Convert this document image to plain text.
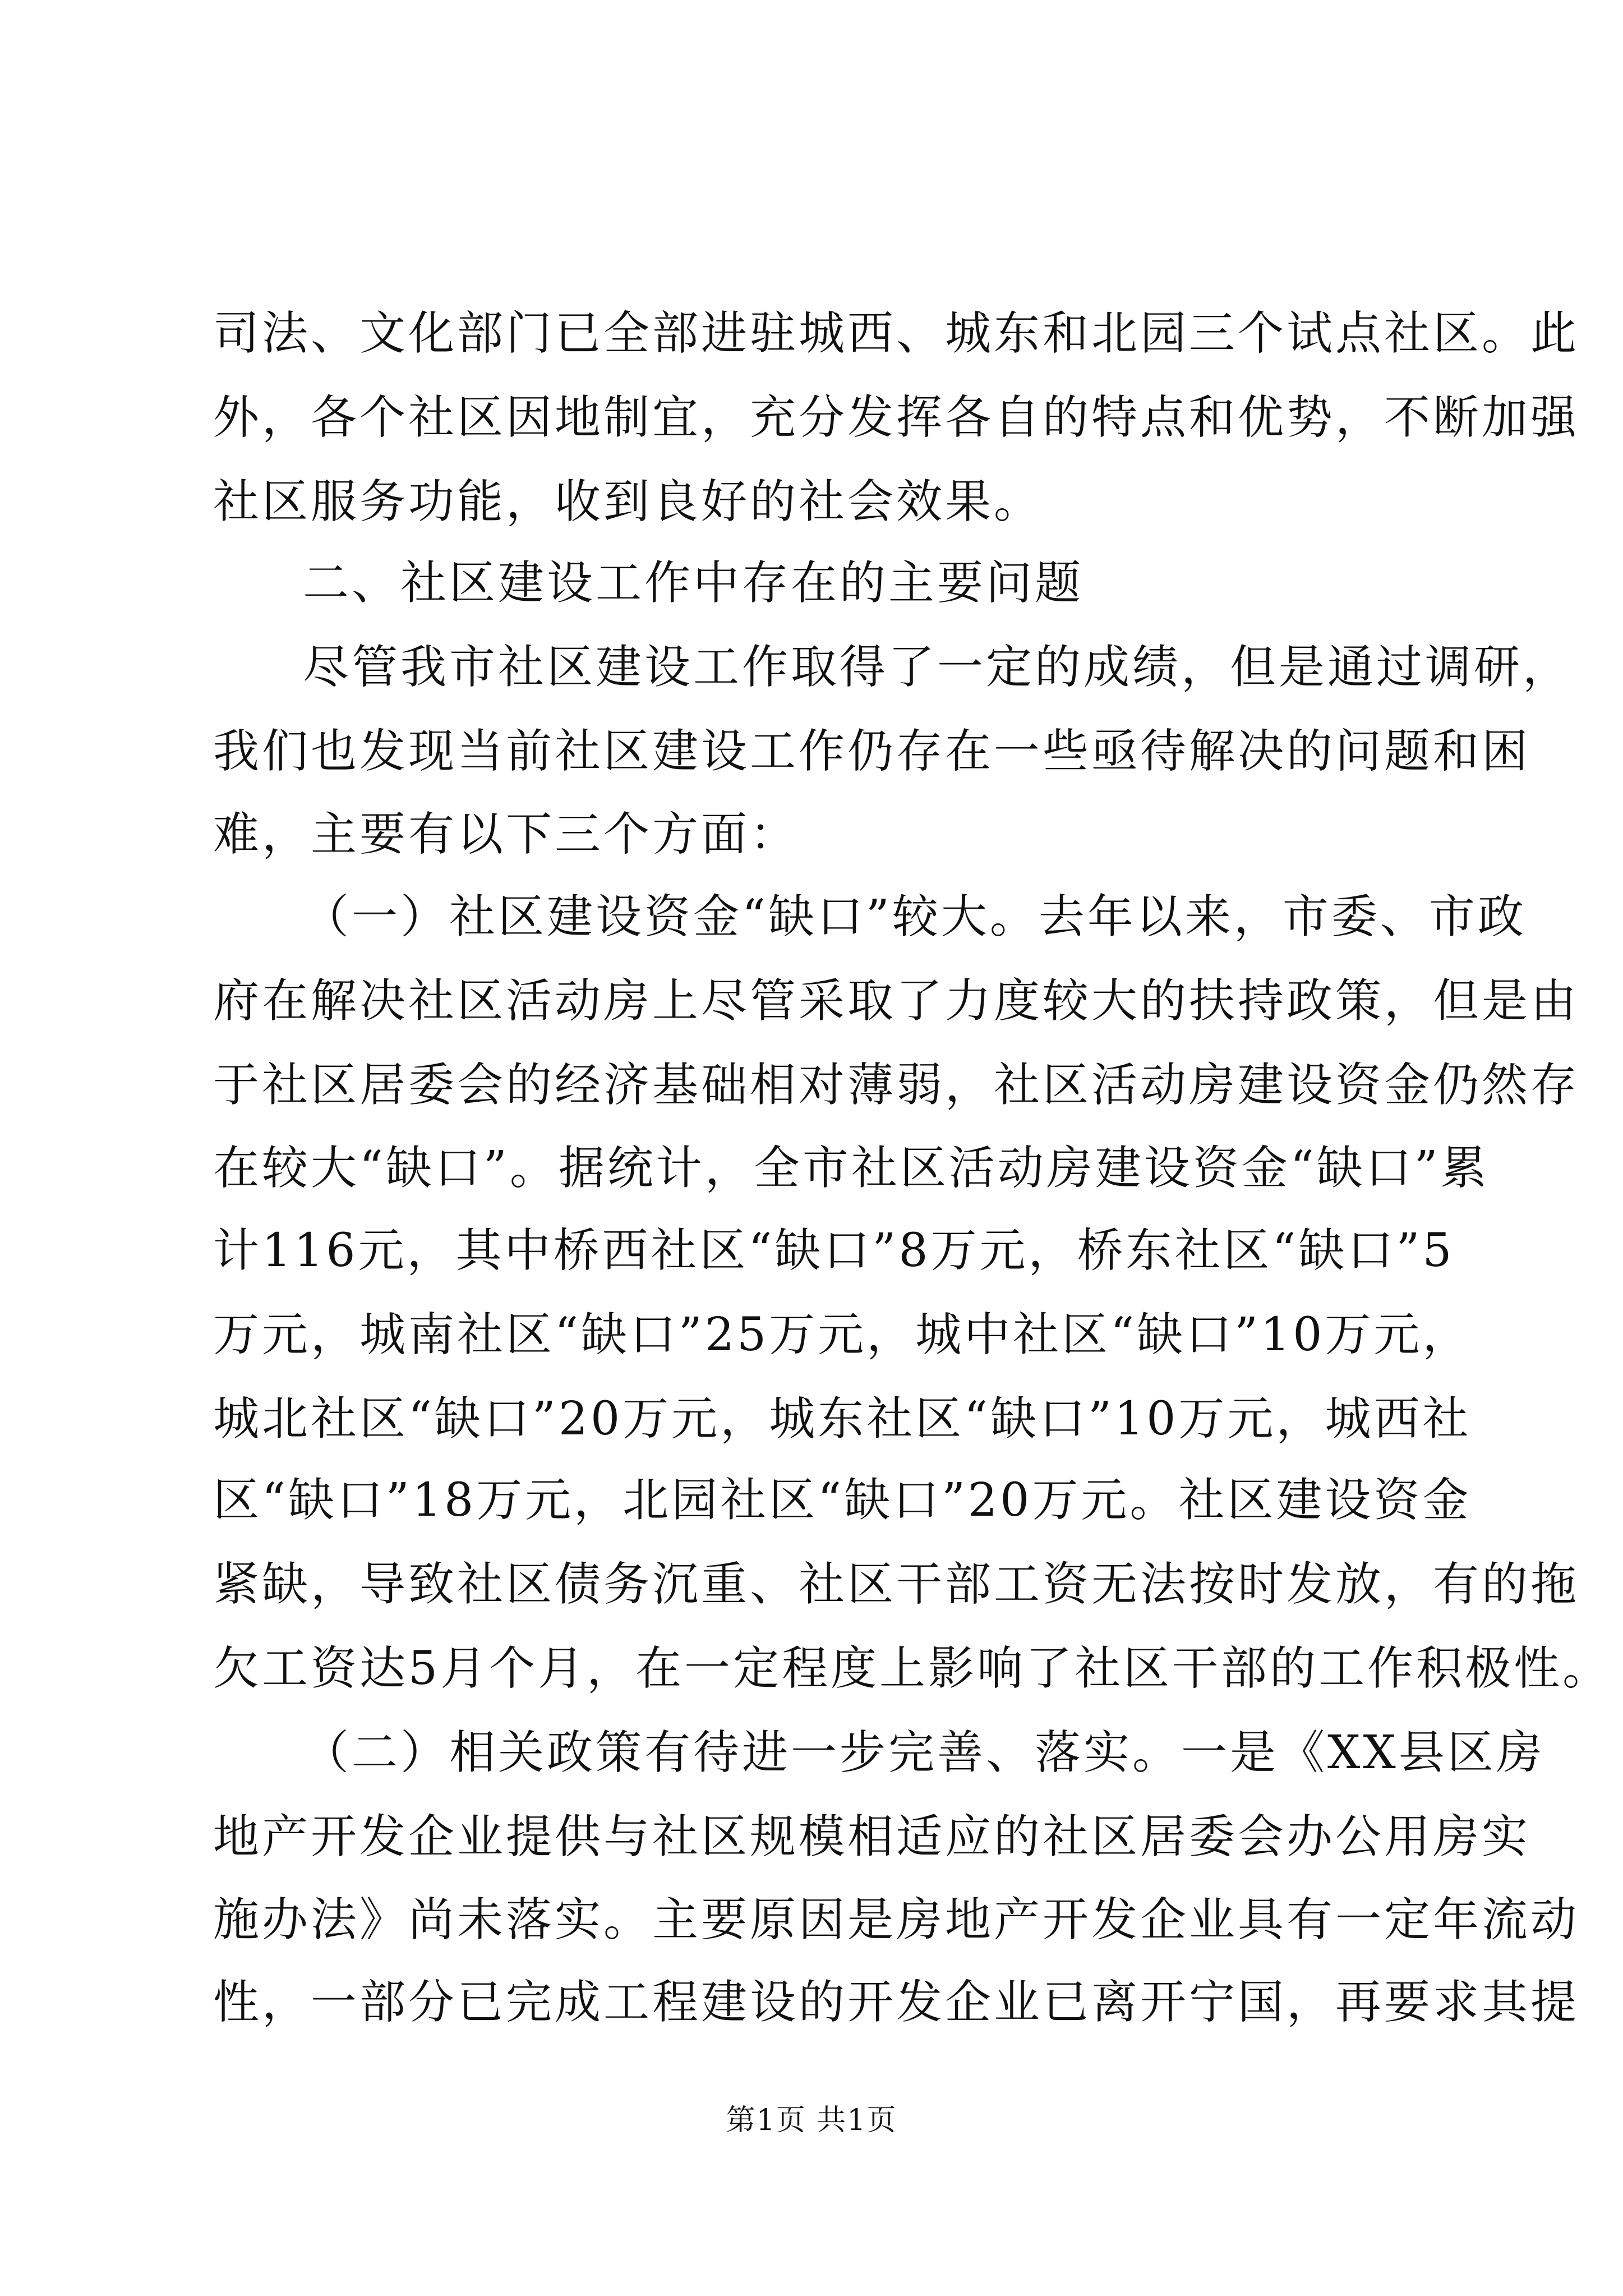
司法、文化部门已全部进驻城西、城东和北园三个试点社区。此
外，各个社区因地制宜，充分发挥各自的特点和优势，不断加强
社区服务功能，收到良好的社会效果。
二、社区建设工作中存在的主要问题
尽管我市社区建设工作取得了一定的成绩，但是通过调研，
我们也发现当前社区建设工作仍存在一些亟待解决的问题和困
难，主要有以下三个方面：
（一）社区建设资金“缺口”较大。去年以来，市委、市政
府在解决社区活动房上尽管采取了力度较大的扶持政策，但是由
于社区居委会的经济基础相对薄弱，社区活动房建设资金仍然存
在较大“缺口”。据统计，全市社区活动房建设资金“缺口”累
计116元，其中桥西社区“缺口”8万元，桥东社区“缺口”5
万元，城南社区“缺口”25万元，城中社区“缺口”10万元，
城北社区“缺口”20万元，城东社区“缺口”10万元，城西社
区“缺口”18万元，北园社区“缺口”20万元。社区建设资金
紧缺，导致社区债务沉重、社区干部工资无法按时发放，有的拖
欠工资达5月个月，在一定程度上影响了社区干部的工作积极性。
（二）相关政策有待进一步完善、落实。一是《XX县区房
地产开发企业提供与社区规模相适应的社区居委会办公用房实
施办法》尚未落实。主要原因是房地产开发企业具有一定年流动
性，一部分已完成工程建设的开发企业已离开宁国，再要求其提
第1页 共1页
